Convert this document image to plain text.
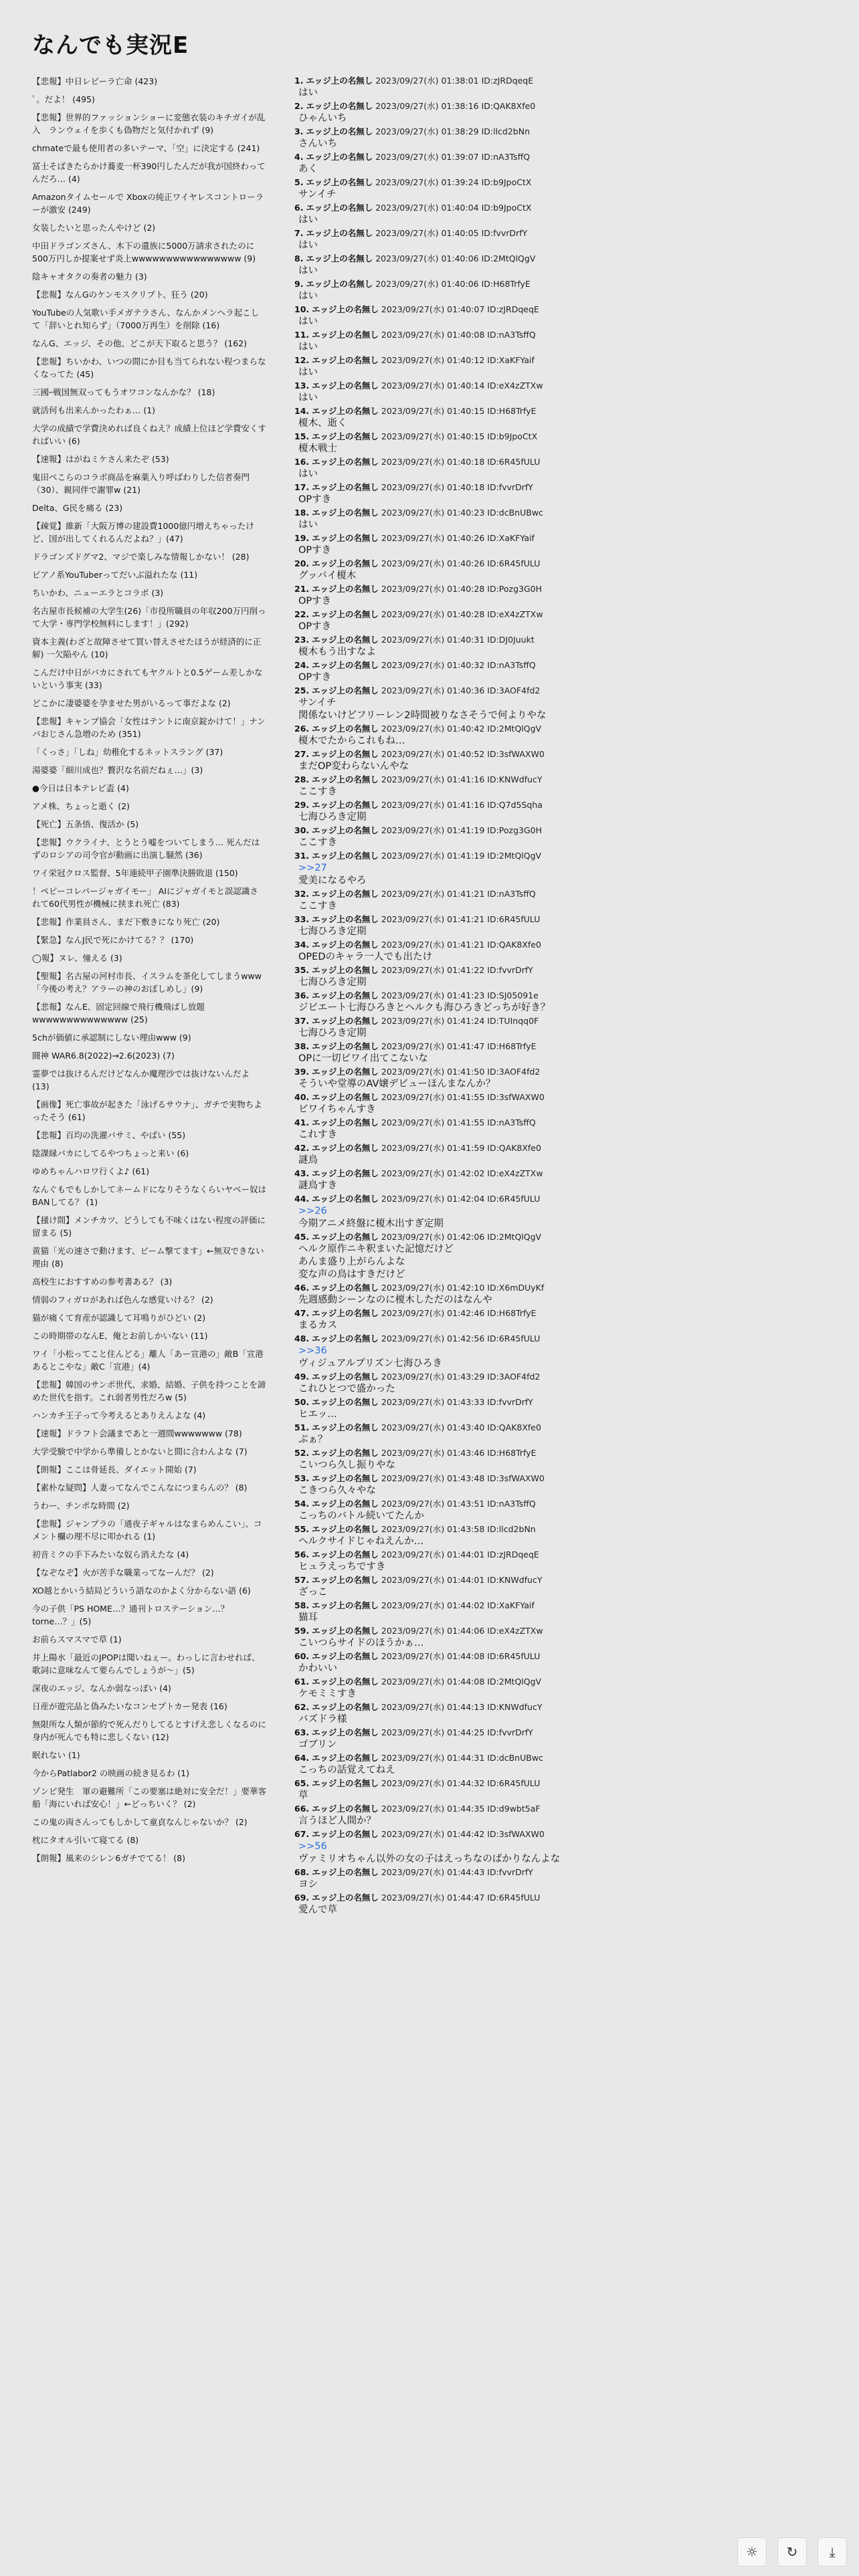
なんでも実況E
【悲報】中日レビーラ亡命 (423)
ﾟ。だよ！ (495)
【悲報】世界的ファッションショーに変態衣装のキチガイが乱入　ランウェイを歩くも偽物だと気付かれず (9)
chmateで最も使用者の多いテーマ、「空」に決定する (241)
冨士そばきたらかけ蕎麦一杯390円したんだが我が国終わってんだろ… (4)
Amazonタイムセールで Xboxの純正ワイヤレスコントローラーが激安 (249)
女装したいと思ったんやけど (2)
中田ドラゴンズさん、木下の遺族に5000万請求されたのに500万円しか提案せず炎上wwwwwwwwwwwwwwww (9)
陰キャオタクの奏者の魅力 (3)
【悲報】なんGのケンモスクリプト、狂う (20)
YouTubeの人気歌い手メガテラさん、なんかメンヘラ起こして「辞いとれ知らず」（7000万再生）を削除 (16)
なんG、エッジ、その他、どこが天下取ると思う？ (162)
【悲報】ちいかわ、いつの間にか目も当てられない程つまらなくなってた (45)
三國ｰ戦国無双ってもうオワコンなんかな？ (18)
就活何も出来んかったわぁ… (1)
大学の成績で学費決めれば良くねえ？成績上位ほど学費安くすればいい (6)
【速報】はがねミケさん来たぞ (53)
鬼田ぺこらのコラボ商品を麻薬入り呼ばわりした信者奏門（30）、親同伴で謝罪w (21)
Delta、G民を痛る (23)
【疎覚】維新「大阪万博の建設費1000億円増えちゃったけど、国が出してくれるんだよね？」(47)
ドラゴンズドグマ2、マジで楽しみな情報しかない！ (28)
ピアノ系YouTuberってだいぶ溢れたな (11)
ちいかわ、ニューエラとコラボ (3)
名古屋市長候補の大学生(26)「市役所職員の年収200万円削って大学・専門学校無料にします！」(292)
資本主義(わざと故障させて買い替えさせたほうが経済的に正解) 一欠陥やん (10)
こんだけ中日がバカにされてもヤクルトと0.5ゲーム差しかないという事実 (33)
どこかに凄婆婆を孕ませた男がいるって事だよな (2)
【悲報】キャンプ協会「女性はテントに南京錠かけて！」ナンパおじさん急増のため (351)
「くっさ」「しね」幼稚化するネットスラング (37)
湯婆婆「細川成也？贅沢な名前だねぇ…」(3)
●今日は日本テレビ盃 (4)
アメ株、ちょっと逝く (2)
【死亡】五条悟、復活か (5)
【悲報】ウクライナ、とうとう嘘をついてしまう… 死んだはずのロシアの司令官が動画に出演し騒然 (36)
ワイ栄冠クロス監督、5年連続甲子園準決勝敗退 (150)
！ペピーコレパージャガイモー」 AIにジャガイモと誤認識されて60代男性が機械に挟まれ死亡 (83)
【悲報】作業員さん、まだ下敷きになり死亡 (20)
【緊急】なんJ民で死にかけてる？？ (170)
◯報】ヌレ、憧える (3)
【聖報】名古屋の河村市長、イスラムを茶化してしまうwww「今後の考え？アラーの神のおぼしめし」(9)
【悲報】なんE、固定回線で飛行機飛ばし放題wwwwwwwwwwwwww (25)
5chが価値に承認制にしない理由www (9)
闘神 WAR6.8(2022)→2.6(2023) (7)
霊夢では抜けるんだけどなんか魔理沙では抜けないんだよ (13)
【画像】死亡事故が起きた「泳げるサウナ」、ガチで実物ちよったそう (61)
【悲報】百均の洗濯バサミ、やばい (55)
陰課縁バカにしてるやつちょっと来い (6)
ゆめちゃんハロワ行くよ♪ (61)
なんぐもでもしかしてネームドになりそうなくらいヤベー奴はBANしてる？ (1)
【掻け間】メンチカツ、どうしても不味くはない程度の評価に留まる (5)
黄猫「光の速さで動けます、ビーム撃てます」←無双できない理由 (8)
高校生におすすめの参考書ある？ (3)
情弱のフィガロがあれば色んな感覚いける？ (2)
猫が痛くて育産が認識して耳鳴りがひどい (2)
この時期帯のなんE、俺とお前しかいない (11)
ワイ「小松ってこと住んどる」離人「あー宣港の」敵B「宣港あるとこやな」敵C「宣港」(4)
【悲報】韓国のサンポ世代、求婚、結婚、子供を持つことを諦めた世代を指す。これ弱者男性だろw (5)
ハンカチ王子って今考えるとありえんよな (4)
【速報】ドラフト会議まであと一週間wwwwwww (78)
大学受験で中学から準備しとかないと間に合わんよな (7)
【朗報】ここは骨延長、ダイエット開始 (7)
【素朴な疑問】人妻ってなんでこんなにつまらんの？ (8)
うわー、チンポな時間 (2)
【悲報】ジャンプラの「通夜子ギャルはなまらめんこい」、コメント欄の理不尽に叩かれる (1)
初音ミクの手下みたいな奴ら消えたな (4)
【なぞなぞ】火が苦手な職業ってなーんだ？ (2)
XO越とかいう結局どういう語なのかよく分からない語 (6)
今の子供「PS HOME…？通刊トロステーション…？torne…？」(5)
お前らスマスマで草 (1)
井上陽水「最近のJPOPは聞いねぇー。わっしに言わせれば、歌詞に意味なんて要らんでしょうが〜」(5)
深夜のエッジ、なんか弱なっぽい (4)
日産が遊完品と偽みたいなコンセプトカー発表 (16)
無限所な人類が節約で死んだりしてるとすげえ悲しくなるのに身内が死んでも特に悲しくない (12)
眠れない (1)
今からPatlabor2 の映画の続き見るわ (1)
ゾンビ発生　軍の避難所「この要塞は絶対に安全だ！」要華客船「海にいれば安心！」←どっちいく？ (2)
この鬼の両さんってもしかして童貞なんじゃないか？ (2)
枕にタオル引いて寝てる (8)
【朗報】風来のシレン6ガチでてる！ (8)
1. エッジ上の名無し 2023/09/27(水) 01:38:01 ID:zJRDqeqE
はい
2. エッジ上の名無し 2023/09/27(水) 01:38:16 ID:QAK8Xfe0
ひゃんいち
3. エッジ上の名無し 2023/09/27(水) 01:38:29 ID:llcd2bNn
さんいち
4. エッジ上の名無し 2023/09/27(水) 01:39:07 ID:nA3TsffQ
あく
5. エッジ上の名無し 2023/09/27(水) 01:39:24 ID:b9JpoCtX
サンイチ
6. エッジ上の名無し 2023/09/27(水) 01:40:04 ID:b9JpoCtX
はい
7. エッジ上の名無し 2023/09/27(水) 01:40:05 ID:fvvrDrfY
はい
8. エッジ上の名無し 2023/09/27(水) 01:40:06 ID:2MtQlQgV
はい
9. エッジ上の名無し 2023/09/27(水) 01:40:06 ID:H68TrfyE
はい
10. エッジ上の名無し 2023/09/27(水) 01:40:07 ID:zJRDqeqE
はい
11. エッジ上の名無し 2023/09/27(水) 01:40:08 ID:nA3TsffQ
はい
12. エッジ上の名無し 2023/09/27(水) 01:40:12 ID:XaKFYaif
はい
13. エッジ上の名無し 2023/09/27(水) 01:40:14 ID:eX4zZTXw
はい
14. エッジ上の名無し 2023/09/27(水) 01:40:15 ID:H68TrfyE
榎木、逝く
15. エッジ上の名無し 2023/09/27(水) 01:40:15 ID:b9JpoCtX
榎木戦士
16. エッジ上の名無し 2023/09/27(水) 01:40:18 ID:6R45fULU
はい
17. エッジ上の名無し 2023/09/27(水) 01:40:18 ID:fvvrDrfY
OPすき
18. エッジ上の名無し 2023/09/27(水) 01:40:23 ID:dcBnUBwc
はい
19. エッジ上の名無し 2023/09/27(水) 01:40:26 ID:XaKFYaif
OPすき
20. エッジ上の名無し 2023/09/27(水) 01:40:26 ID:6R45fULU
グッバイ榎木
21. エッジ上の名無し 2023/09/27(水) 01:40:28 ID:Pozg3G0H
OPすき
22. エッジ上の名無し 2023/09/27(水) 01:40:28 ID:eX4zZTXw
OPすき
23. エッジ上の名無し 2023/09/27(水) 01:40:31 ID:DJ0Juukt
榎木もう出すなよ
24. エッジ上の名無し 2023/09/27(水) 01:40:32 ID:nA3TsffQ
OPすき
25. エッジ上の名無し 2023/09/27(水) 01:40:36 ID:3AOF4fd2
サンイチ
関係ないけどフリーレン2時間被りなさそうで何よりやな
26. エッジ上の名無し 2023/09/27(水) 01:40:42 ID:2MtQlQgV
榎木でたからこれもね…
27. エッジ上の名無し 2023/09/27(水) 01:40:52 ID:3sfWAXW0
まだOP変わらないんやな
28. エッジ上の名無し 2023/09/27(水) 01:41:16 ID:KNWdfucY
ここすき
29. エッジ上の名無し 2023/09/27(水) 01:41:16 ID:Q7d5Sqha
七海ひろき定期
30. エッジ上の名無し 2023/09/27(水) 01:41:19 ID:Pozg3G0H
ここすき
31. エッジ上の名無し 2023/09/27(水) 01:41:19 ID:2MtQlQgV
>>27
愛美になるやろ
32. エッジ上の名無し 2023/09/27(水) 01:41:21 ID:nA3TsffQ
ここすき
33. エッジ上の名無し 2023/09/27(水) 01:41:21 ID:6R45fULU
七海ひろき定期
34. エッジ上の名無し 2023/09/27(水) 01:41:21 ID:QAK8Xfe0
OPEDのキャラ一人でも出たけ
35. エッジ上の名無し 2023/09/27(水) 01:41:22 ID:fvvrDrfY
七海ひろき定期
36. エッジ上の名無し 2023/09/27(水) 01:41:23 ID:SJ05091e
ジビエート七海ひろきとヘルクも海ひろきどっちが好き？
37. エッジ上の名無し 2023/09/27(水) 01:41:24 ID:TUInqq0F
七海ひろき定期
38. エッジ上の名無し 2023/09/27(水) 01:41:47 ID:H68TrfyE
OPに一切ビワイ出てこないな
39. エッジ上の名無し 2023/09/27(水) 01:41:50 ID:3AOF4fd2
そういや堂導のAV嬢デビューほんまなんか？
40. エッジ上の名無し 2023/09/27(水) 01:41:55 ID:3sfWAXW0
ビワイちゃんすき
41. エッジ上の名無し 2023/09/27(水) 01:41:55 ID:nA3TsffQ
これすき
42. エッジ上の名無し 2023/09/27(水) 01:41:59 ID:QAK8Xfe0
謎鳥
43. エッジ上の名無し 2023/09/27(水) 01:42:02 ID:eX4zZTXw
謎鳥すき
44. エッジ上の名無し 2023/09/27(水) 01:42:04 ID:6R45fULU
>>26
今期アニメ終盤に榎木出すぎ定期
45. エッジ上の名無し 2023/09/27(水) 01:42:06 ID:2MtQlQgV
ヘルク原作ニキ釈まいた記憶だけど
あんま盛り上がらんよな
変な声の鳥はすきだけど
46. エッジ上の名無し 2023/09/27(水) 01:42:10 ID:X6mDUyKf
先週感動シーンなのに榎木しただのはなんや
47. エッジ上の名無し 2023/09/27(水) 01:42:46 ID:H68TrfyE
まるカス
48. エッジ上の名無し 2023/09/27(水) 01:42:56 ID:6R45fULU
>>36
ヴィジュアルプリズン七海ひろき
49. エッジ上の名無し 2023/09/27(水) 01:43:29 ID:3AOF4fd2
これひとつで盛かった
50. エッジ上の名無し 2023/09/27(水) 01:43:33 ID:fvvrDrfY
ヒエッ…
51. エッジ上の名無し 2023/09/27(水) 01:43:40 ID:QAK8Xfe0
ぷぁ？
52. エッジ上の名無し 2023/09/27(水) 01:43:46 ID:H68TrfyE
こいつら久し振りやな
53. エッジ上の名無し 2023/09/27(水) 01:43:48 ID:3sfWAXW0
こきつら久々やな
54. エッジ上の名無し 2023/09/27(水) 01:43:51 ID:nA3TsffQ
こっちのバトル続いてたんか
55. エッジ上の名無し 2023/09/27(水) 01:43:58 ID:llcd2bNn
ヘルクサイドじゃねえんか…
56. エッジ上の名無し 2023/09/27(水) 01:44:01 ID:zJRDqeqE
ヒュラえっちですき
57. エッジ上の名無し 2023/09/27(水) 01:44:01 ID:KNWdfucY
ざっこ
58. エッジ上の名無し 2023/09/27(水) 01:44:02 ID:XaKFYaif
猫耳
59. エッジ上の名無し 2023/09/27(水) 01:44:06 ID:eX4zZTXw
こいつらサイドのほうかぁ…
60. エッジ上の名無し 2023/09/27(水) 01:44:08 ID:6R45fULU
かわいい
61. エッジ上の名無し 2023/09/27(水) 01:44:08 ID:2MtQlQgV
ケモミミすき
62. エッジ上の名無し 2023/09/27(水) 01:44:13 ID:KNWdfucY
バズドラ様
63. エッジ上の名無し 2023/09/27(水) 01:44:25 ID:fvvrDrfY
ゴブリン
64. エッジ上の名無し 2023/09/27(水) 01:44:31 ID:dcBnUBwc
こっちの話覚えてねえ
65. エッジ上の名無し 2023/09/27(水) 01:44:32 ID:6R45fULU
草
66. エッジ上の名無し 2023/09/27(水) 01:44:35 ID:d9wbt5aF
言うほど人間か？
67. エッジ上の名無し 2023/09/27(水) 01:44:42 ID:3sfWAXW0
>>56
ヴァミリオちゃん以外の女の子はえっちなのばかりなんよな
68. エッジ上の名無し 2023/09/27(水) 01:44:43 ID:fvvrDrfY
ヨシ
69. エッジ上の名無し 2023/09/27(水) 01:44:47 ID:6R45fULU
愛んで草
☼ ↻ ⤓
